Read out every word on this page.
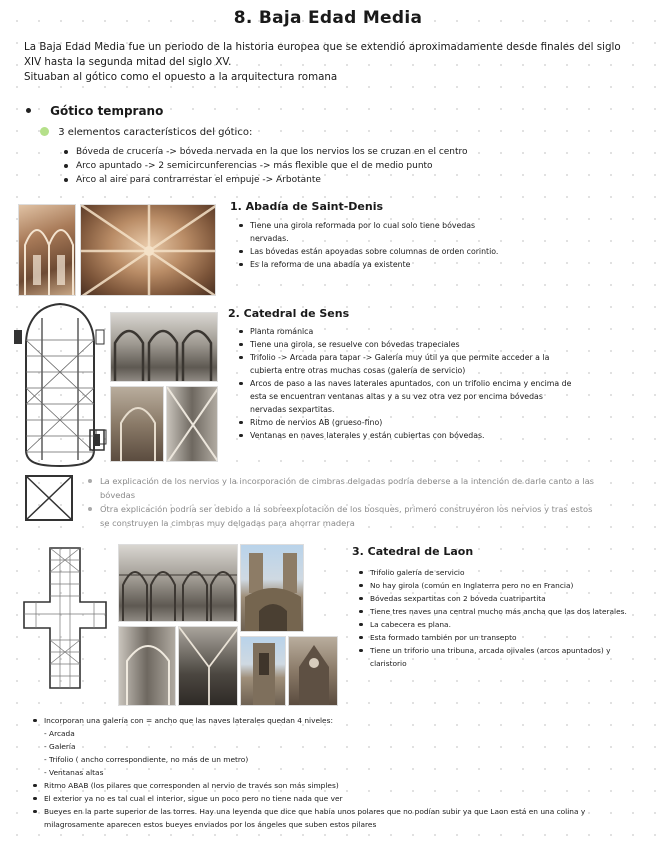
8. Baja Edad Media
La Baja Edad Media fue un periodo de la historia europea que se extendió aproximadamente desde finales del siglo XIV hasta la segunda mitad del siglo XV.
Situaban al gótico como el opuesto a la arquitectura romana
Gótico temprano
3 elementos característicos del gótico:
Bóveda de crucería -> bóveda nervada en la que los nervios los se cruzan en el centro
Arco apuntado -> 2 semicircunferencias -> más flexible que el de medio punto
Arco al aire para contrarrestar el empuje -> Arbotante
1. Abadía de Saint-Denis
Tiene una girola reformada por lo cual solo tiene bóvedas nervadas.
Las bóvedas están apoyadas sobre columnas de orden corintio.
Es la reforma de una abadía ya existente
2. Catedral de Sens
Planta románica
Tiene una girola, se resuelve con bóvedas trapeciales
Trifolio -> Arcada para tapar -> Galería muy útil ya que permite acceder a la cubierta entre otras muchas cosas (galería de servicio)
Arcos de paso a las naves laterales apuntados, con un trifolio encima y encima de esta se encuentran ventanas altas y a su vez otra vez por encima bóvedas nervadas sexpartitas.
Ritmo de nervios AB (grueso-fino)
Ventanas en naves laterales y están cubiertas con bóvedas.
La explicación de los nervios y la incorporación de cimbras delgadas podría deberse a la intención de darle canto a las bóvedas
Otra explicación podría ser debido a la sobreexplotación de los bosques, primero construyeron los nervios y tras estos se construyen la cimbras muy delgadas para ahorrar madera
3. Catedral de Laon
Trifolio galería de servicio
No hay girola (común en Inglaterra pero no en Francia)
Bóvedas sexpartitas con 2 bóveda cuatripartita
Tiene tres naves una central mucho más ancha que las dos laterales.
La cabecera es plana.
Esta formado también por un transepto
Tiene un triforio una tribuna, arcada ojivales (arcos apuntados) y claristorio
Incorporan una galería con = ancho que las naves laterales quedan 4 niveles:
- Arcada
- Galería
- Trifolio ( ancho correspondiente, no más de un metro)
- Ventanas altas
Ritmo ABAB (los pilares que corresponden al nervio de través son más simples)
El exterior ya no es tal cual el interior, sigue un poco pero no tiene nada que ver
Bueyes en la parte superior de las torres. Hay una leyenda que dice que había unos polares que no podían subir ya que Laon está en una colina y milagrosamente aparecen estos bueyes enviados por los ángeles que suben estos pilares
